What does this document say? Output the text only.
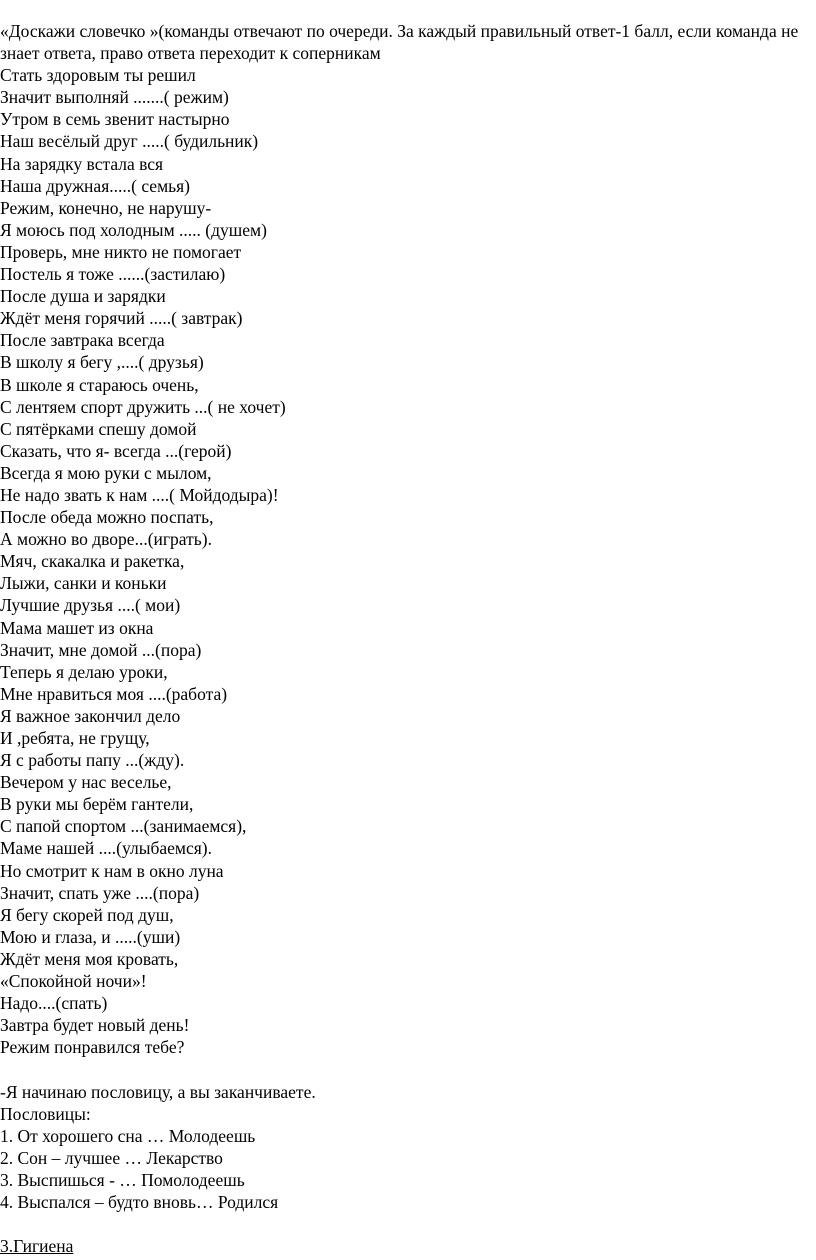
«Доскажи словечко »(команды отвечают по очереди. За каждый правильный ответ-1 балл, если команда не знает ответа, право ответа переходит к соперникам
Стать здоровым ты решил
Значит выполняй .......( режим)
Утром в семь звенит настырно
Наш весёлый друг .....( будильник)
На зарядку встала вся
Наша дружная.....( семья)
Режим, конечно, не нарушу-
Я моюсь под холодным ..... (душем)
Проверь, мне никто не помогает
Постель я тоже ......(застилаю)
После душа и зарядки
Ждёт меня горячий .....( завтрак)
После завтрака всегда
В школу я бегу ,....( друзья)
В школе я стараюсь очень,
С лентяем спорт дружить ...( не хочет)
С пятёрками спешу домой
Сказать, что я- всегда ...(герой)
Всегда я мою руки с мылом,
Не надо звать к нам ....( Мойдодыра)!
После обеда можно поспать,
А можно во дворе...(играть).
Мяч, скакалка и ракетка,
Лыжи, санки и коньки
Лучшие друзья ....( мои)
Мама машет из окна
Значит, мне домой ...(пора)
Теперь я делаю уроки,
Мне нравиться моя ....(работа)
Я важное закончил дело
И ,ребята, не грущу,
Я с работы папу ...(жду).
Вечером у нас веселье,
В руки мы берём гантели,
С папой спортом ...(занимаемся),
Маме нашей ....(улыбаемся).
Но смотрит к нам в окно луна
Значит, спать уже ....(пора)
Я бегу скорей под душ,
Мою и глаза, и .....(уши)
Ждёт меня моя кровать,
«Спокойной ночи»!
Надо....(спать)
Завтра будет новый день!
Режим понравился тебе?
-Я начинаю пословицу, а вы заканчиваете.
Пословицы:
1. От хорошего сна … Молодеешь
2. Сон – лучшее … Лекарство
3. Выспишься - … Помолодеешь
4. Выспался – будто вновь… Родился
3.Гигиена
